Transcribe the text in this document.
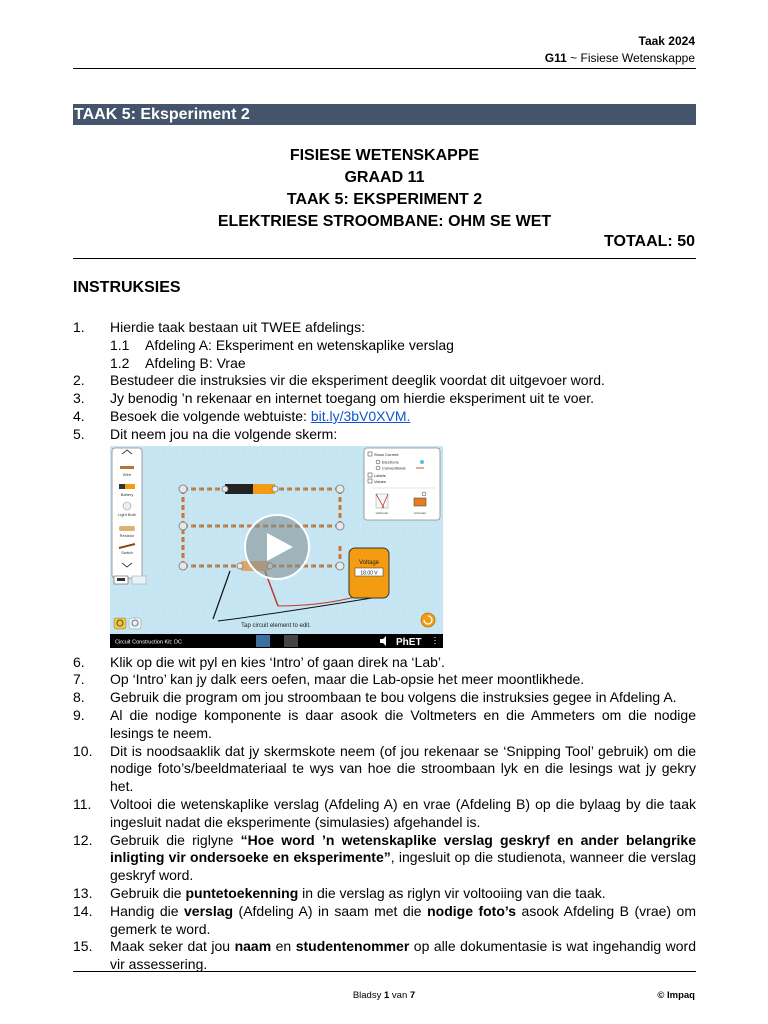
Taak 2024
G11 ~ Fisiese Wetenskappe
TAAK 5: Eksperiment 2
FISIESE WETENSKAPPE
GRAAD 11
TAAK 5: EKSPERIMENT 2
ELEKTRIESE STROOMBANE: OHM SE WET
TOTAAL: 50
INSTRUKSIES
1. Hierdie taak bestaan uit TWEE afdelings:
1.1 Afdeling A: Eksperiment en wetenskaplike verslag
1.2 Afdeling B: Vrae
2. Bestudeer die instruksies vir die eksperiment deeglik voordat dit uitgevoer word.
3. Jy benodig ’n rekenaar en internet toegang om hierdie eksperiment uit te voer.
4. Besoek die volgende webtuiste: bit.ly/3bV0XVM.
5. Dit neem jou na die volgende skerm:
Wire
Battery
Light Bulb
Resistor
Switch
Show Current
Electrons
Conventional
Labels
Values
Voltmeter	Ammeter
Voltage
18.00 V
Tap circuit element to edit.
Circuit Construction Kit: DC	PhET
6. Klik op die wit pyl en kies ‘Intro’ of gaan direk na ‘Lab’.
7. Op ‘Intro’ kan jy dalk eers oefen, maar die Lab-opsie het meer moontlikhede.
8. Gebruik die program om jou stroombaan te bou volgens die instruksies gegee in Afdeling A.
9. Al die nodige komponente is daar asook die Voltmeters en die Ammeters om die nodige lesings te neem.
10. Dit is noodsaaklik dat jy skermskote neem (of jou rekenaar se ‘Snipping Tool’ gebruik) om die nodige foto’s/beeldmateriaal te wys van hoe die stroombaan lyk en die lesings wat jy gekry het.
11. Voltooi die wetenskaplike verslag (Afdeling A) en vrae (Afdeling B) op die bylaag by die taak ingesluit nadat die eksperimente (simulasies) afgehandel is.
12. Gebruik die riglyne “Hoe word ’n wetenskaplike verslag geskryf en ander belangrike inligting vir ondersoeke en eksperimente”, ingesluit op die studienota, wanneer die verslag geskryf word.
13. Gebruik die puntetoekenning in die verslag as riglyn vir voltooiing van die taak.
14. Handig die verslag (Afdeling A) in saam met die nodige foto’s asook Afdeling B (vrae) om gemerk te word.
15. Maak seker dat jou naam en studentenommer op alle dokumentasie is wat ingehandig word vir assessering.
Bladsy 1 van 7	© Impaq
